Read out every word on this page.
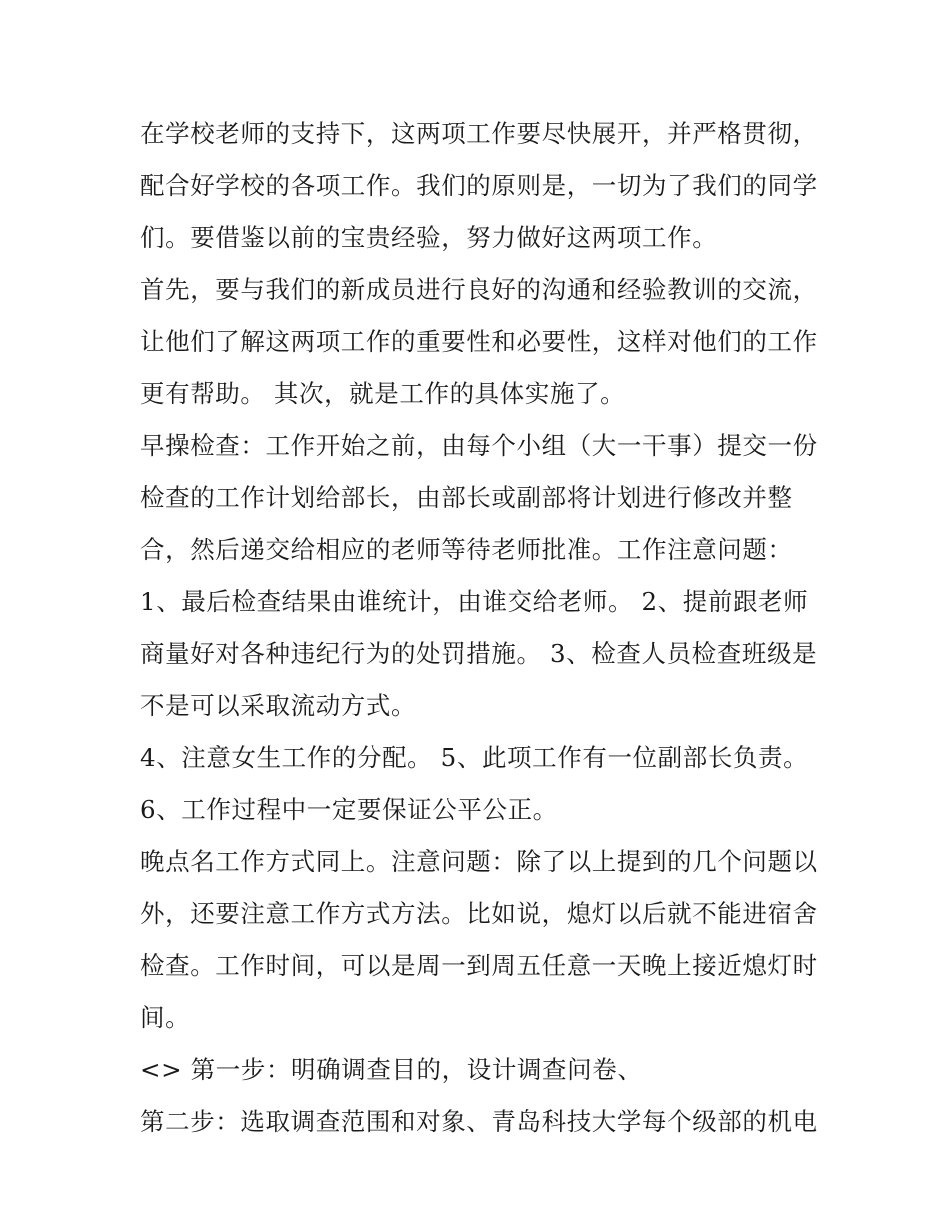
在学校老师的支持下，这两项工作要尽快展开，并严格贯彻，
配合好学校的各项工作。我们的原则是，一切为了我们的同学
们。要借鉴以前的宝贵经验，努力做好这两项工作。
首先，要与我们的新成员进行良好的沟通和经验教训的交流，
让他们了解这两项工作的重要性和必要性，这样对他们的工作
更有帮助。 其次，就是工作的具体实施了。
早操检查：工作开始之前，由每个小组（大一干事）提交一份
检查的工作计划给部长，由部长或副部将计划进行修改并整
合，然后递交给相应的老师等待老师批准。工作注意问题：
1、最后检查结果由谁统计，由谁交给老师。 2、提前跟老师
商量好对各种违纪行为的处罚措施。 3、检查人员检查班级是
不是可以采取流动方式。
4、注意女生工作的分配。 5、此项工作有一位副部长负责。
6、工作过程中一定要保证公平公正。
晚点名工作方式同上。注意问题：除了以上提到的几个问题以
外，还要注意工作方式方法。比如说，熄灯以后就不能进宿舍
检查。工作时间，可以是周一到周五任意一天晚上接近熄灯时
间。
<> 第一步：明确调查目的，设计调查问卷、
第二步：选取调查范围和对象、青岛科技大学每个级部的机电
